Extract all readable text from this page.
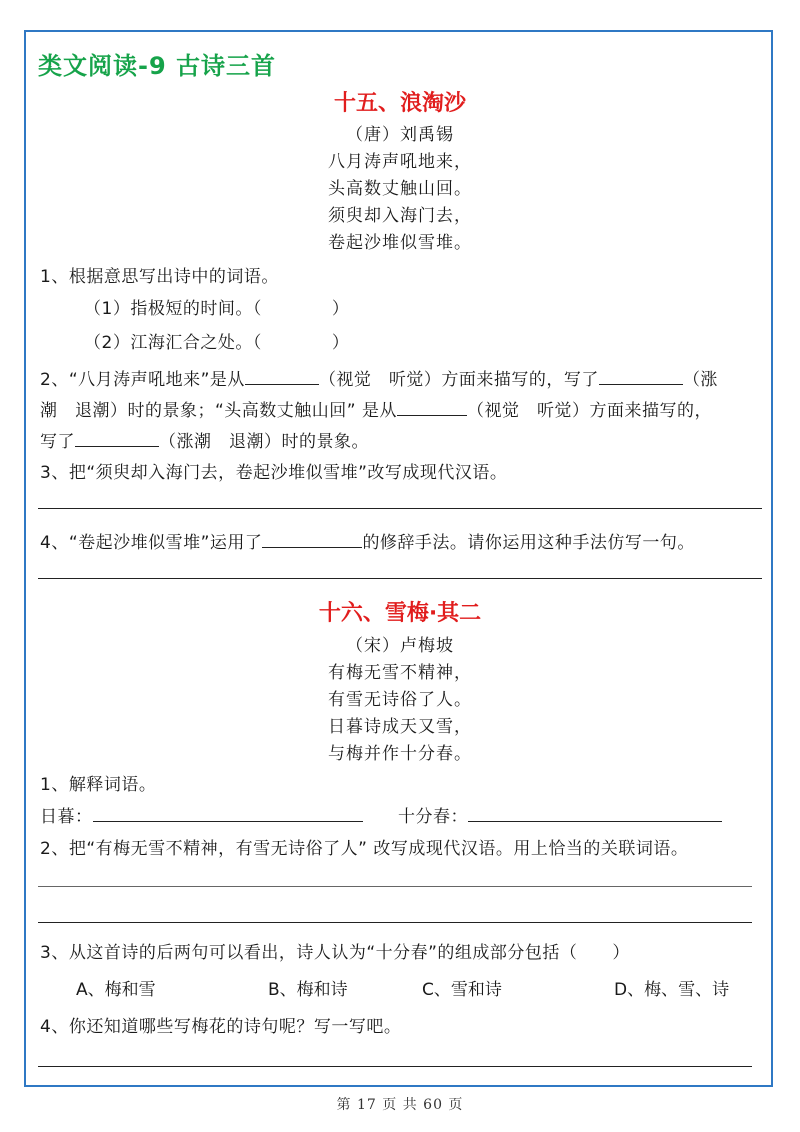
类文阅读-9 古诗三首
十五、浪淘沙
（唐）刘禹锡
八月涛声吼地来，
头高数丈触山回。
须臾却入海门去，
卷起沙堆似雪堆。
1、根据意思写出诗中的词语。
（1）指极短的时间。（	）
（2）江海汇合之处。（	）
2、“八月涛声吼地来”是从	（视觉　听觉）方面来描写的，写了	（涨
潮　退潮）时的景象；“头高数丈触山回” 是从	（视觉　听觉）方面来描写的，
写了	（涨潮　退潮）时的景象。
3、把“须臾却入海门去，卷起沙堆似雪堆”改写成现代汉语。
4、“卷起沙堆似雪堆”运用了	的修辞手法。请你运用这种手法仿写一句。
十六、雪梅·其二
（宋）卢梅坡
有梅无雪不精神，
有雪无诗俗了人。
日暮诗成天又雪，
与梅并作十分春。
1、解释词语。
日暮：	十分春：
2、把“有梅无雪不精神，有雪无诗俗了人” 改写成现代汉语。用上恰当的关联词语。
3、从这首诗的后两句可以看出，诗人认为“十分春”的组成部分包括（　　）
A、梅和雪	B、梅和诗	C、雪和诗	D、梅、雪、诗
4、你还知道哪些写梅花的诗句呢？写一写吧。
第 17 页 共 60 页
